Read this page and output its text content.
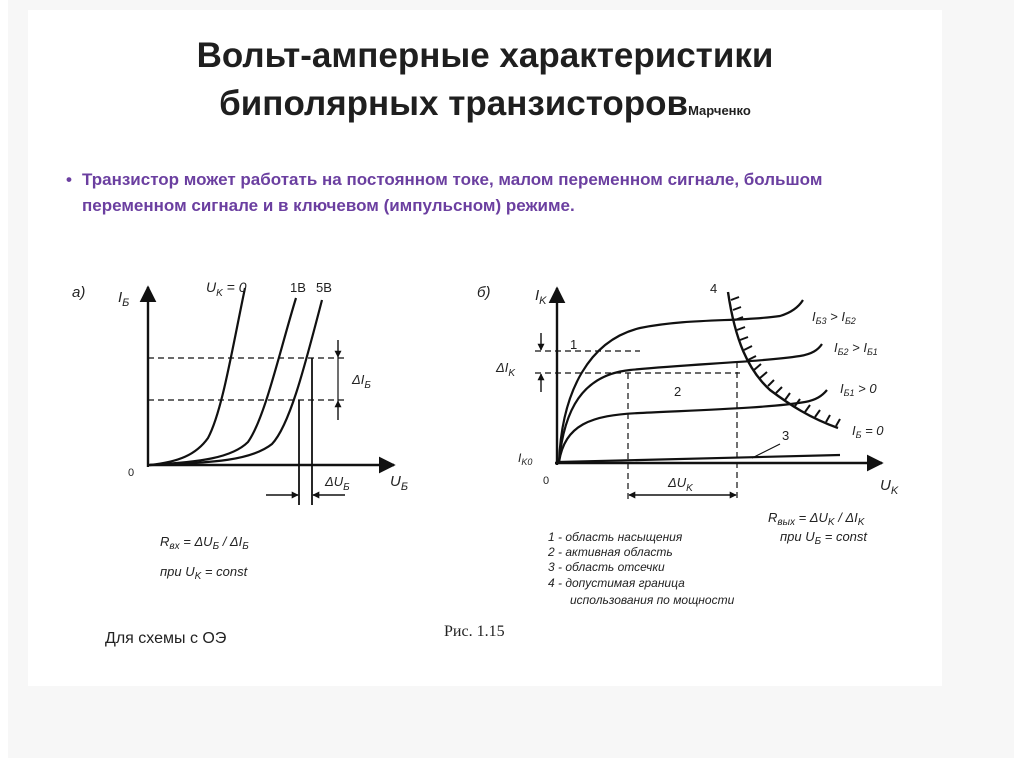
Вольт-амперные характеристики
биполярных транзисторовМарченко
• Транзистор может работать на постоянном токе, малом переменном сигнале, большом переменном сигнале и в ключевом (импульсном) режиме.
а) $I_Б$
$U_Б$
0
$U_K = 0$	1В 5В
$\Delta I_Б$
$\Delta U_Б$
$R_{вх} = \Delta U_Б / \Delta I_Б$
при $U_K$ = const
б)	$I_K$
$U_K$
0
$I_{K0}$
$\Delta I_K$
$\Delta U_K$
1
2
3
4
$I_{Б3} > I_{Б2}$
$I_{Б2} > I_{Б1}$
$I_{Б1} > 0$
$I_Б = 0$
$R_{вых} = \Delta U_K / \Delta I_K$
при $U_Б$ = const
1 - область насыщения
2 - активная область
3 - область отсечки
4 - допустимая граница
использования по мощности
Рис. 1.15
Для схемы с ОЭ
